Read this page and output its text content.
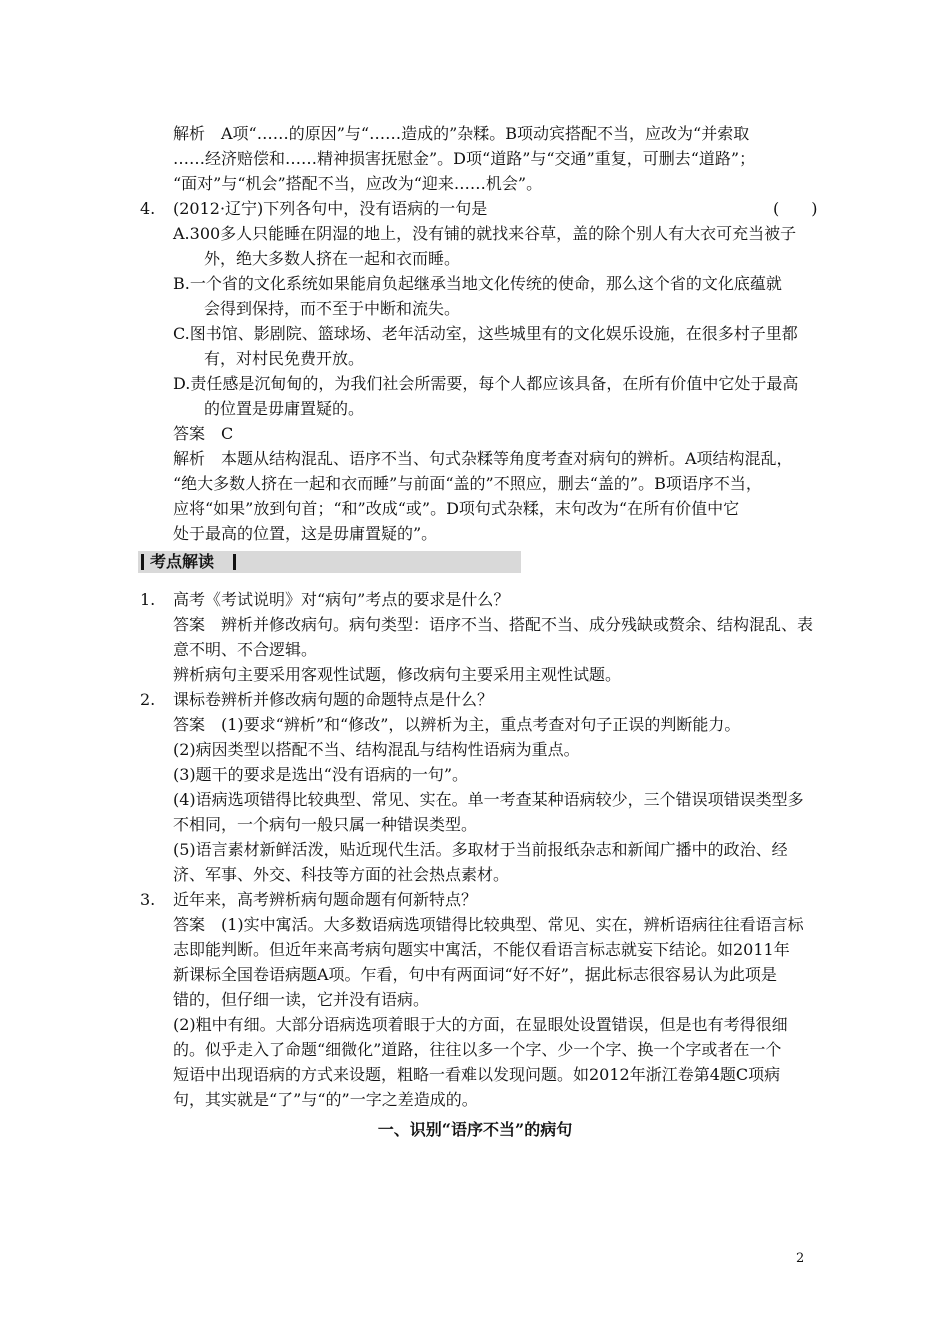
解析　A项“……的原因”与“……造成的”杂糅。B项动宾搭配不当，应改为“并索取
……经济赔偿和……精神损害抚慰金”。D项“道路”与“交通”重复，可删去“道路”；
“面对”与“机会”搭配不当，应改为“迎来……机会”。
4. (2012·辽宁)下列各句中，没有语病的一句是	(　　)
A.300多人只能睡在阴湿的地上，没有铺的就找来谷草，盖的除个别人有大衣可充当被子
外，绝大多数人挤在一起和衣而睡。
B.一个省的文化系统如果能肩负起继承当地文化传统的使命，那么这个省的文化底蕴就
会得到保持，而不至于中断和流失。
C.图书馆、影剧院、篮球场、老年活动室，这些城里有的文化娱乐设施，在很多村子里都
有，对村民免费开放。
D.责任感是沉甸甸的，为我们社会所需要，每个人都应该具备，在所有价值中它处于最高
的位置是毋庸置疑的。
答案　C
解析　本题从结构混乱、语序不当、句式杂糅等角度考查对病句的辨析。A项结构混乱，
“绝大多数人挤在一起和衣而睡”与前面“盖的”不照应，删去“盖的”。B项语序不当，
应将“如果”放到句首；“和”改成“或”。D项句式杂糅，末句改为“在所有价值中它
处于最高的位置，这是毋庸置疑的”。
考点解读
1. 高考《考试说明》对“病句”考点的要求是什么？
答案　辨析并修改病句。病句类型：语序不当、搭配不当、成分残缺或赘余、结构混乱、表
意不明、不合逻辑。
辨析病句主要采用客观性试题，修改病句主要采用主观性试题。
2. 课标卷辨析并修改病句题的命题特点是什么？
答案　(1)要求“辨析”和“修改”，以辨析为主，重点考查对句子正误的判断能力。
(2)病因类型以搭配不当、结构混乱与结构性语病为重点。
(3)题干的要求是选出“没有语病的一句”。
(4)语病选项错得比较典型、常见、实在。单一考查某种语病较少，三个错误项错误类型多
不相同，一个病句一般只属一种错误类型。
(5)语言素材新鲜活泼，贴近现代生活。多取材于当前报纸杂志和新闻广播中的政治、经
济、军事、外交、科技等方面的社会热点素材。
3. 近年来，高考辨析病句题命题有何新特点？
答案　(1)实中寓活。大多数语病选项错得比较典型、常见、实在，辨析语病往往看语言标
志即能判断。但近年来高考病句题实中寓活，不能仅看语言标志就妄下结论。如2011年
新课标全国卷语病题A项。乍看，句中有两面词“好不好”，据此标志很容易认为此项是
错的，但仔细一读，它并没有语病。
(2)粗中有细。大部分语病选项着眼于大的方面，在显眼处设置错误，但是也有考得很细
的。似乎走入了命题“细微化”道路，往往以多一个字、少一个字、换一个字或者在一个
短语中出现语病的方式来设题，粗略一看难以发现问题。如2012年浙江卷第4题C项病
句，其实就是“了”与“的”一字之差造成的。
一、识别“语序不当”的病句
2
